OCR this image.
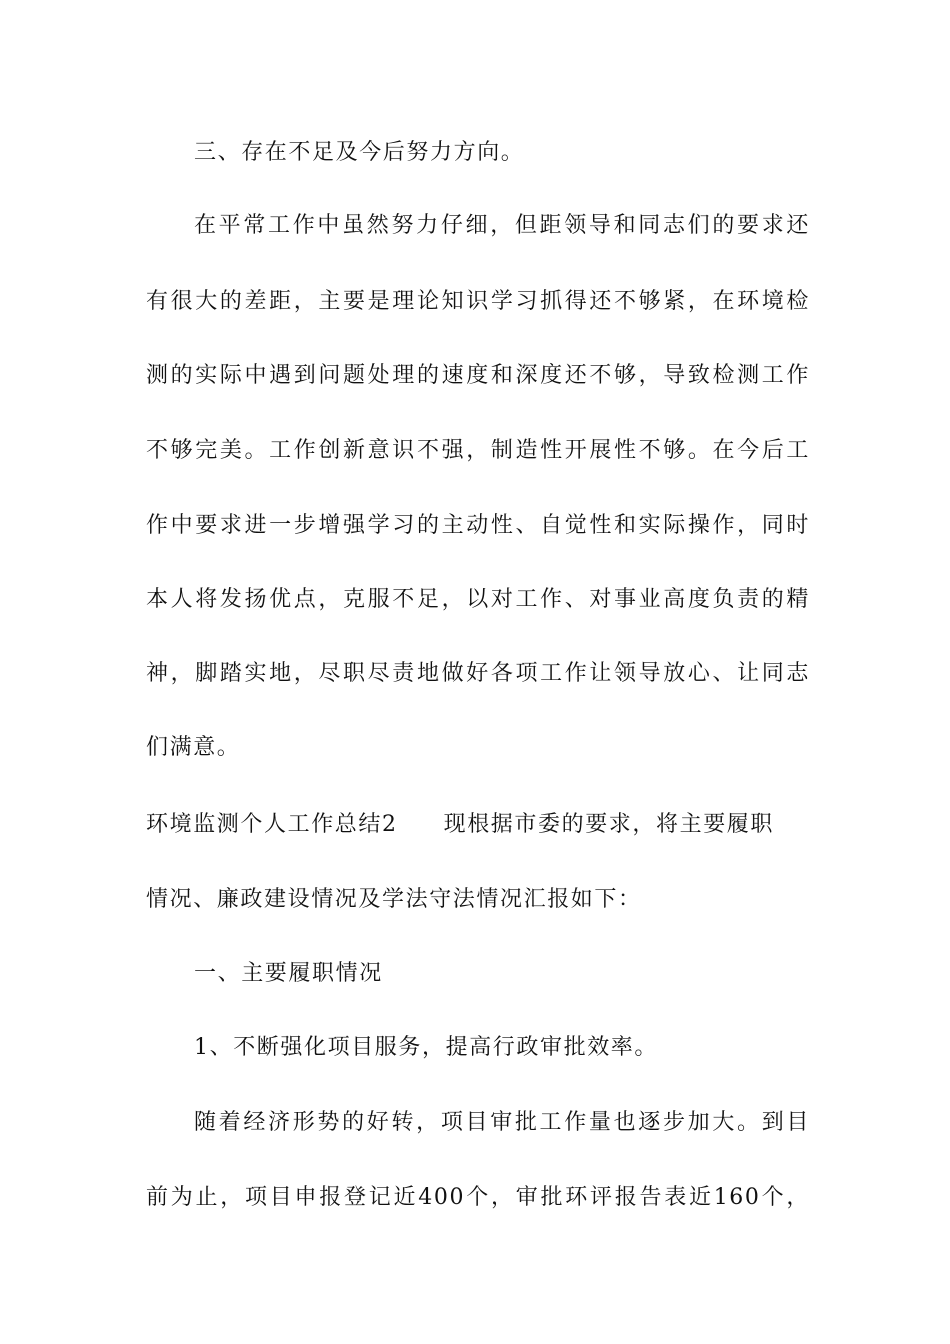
三、存在不足及今后努力方向。
在平常工作中虽然努力仔细，但距领导和同志们的要求还
有很大的差距，主要是理论知识学习抓得还不够紧，在环境检
测的实际中遇到问题处理的速度和深度还不够，导致检测工作
不够完美。工作创新意识不强，制造性开展性不够。在今后工
作中要求进一步增强学习的主动性、自觉性和实际操作，同时
本人将发扬优点，克服不足，以对工作、对事业高度负责的精
神，脚踏实地，尽职尽责地做好各项工作让领导放心、让同志
们满意。
环境监测个人工作总结2 现根据市委的要求，将主要履职
情况、廉政建设情况及学法守法情况汇报如下：
一、主要履职情况
1、不断强化项目服务，提高行政审批效率。
随着经济形势的好转，项目审批工作量也逐步加大。到目
前为止，项目申报登记近400个，审批环评报告表近160个，
